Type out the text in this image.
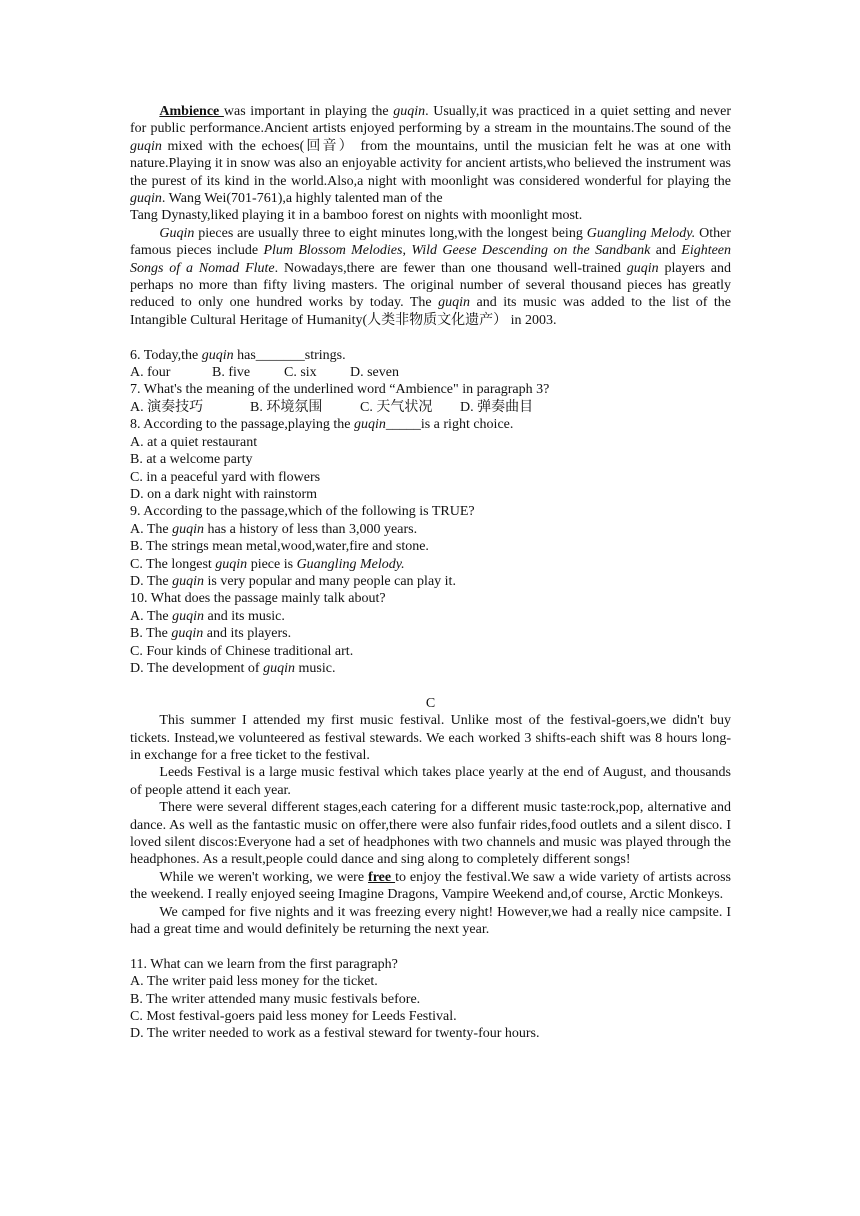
Ambience was important in playing the guqin. Usually,it was practiced in a quiet setting and never for public performance.Ancient artists enjoyed performing by a stream in the mountains.The sound of the guqin mixed with the echoes(回音） from the mountains, until the musician felt he was at one with nature.Playing it in snow was also an enjoyable activity for ancient artists,who believed the instrument was the purest of its kind in the world.Also,a night with moonlight was considered wonderful for playing the guqin. Wang Wei(701-761),a highly talented man of the

Tang Dynasty,liked playing it in a bamboo forest on nights with moonlight most.

Guqin pieces are usually three to eight minutes long,with the longest being Guangling Melody. Other famous pieces include Plum Blossom Melodies, Wild Geese Descending on the Sandbank and Eighteen Songs of a Nomad Flute. Nowadays,there are fewer than one thousand well-trained guqin players and perhaps no more than fifty living masters. The original number of several thousand pieces has greatly reduced to only one hundred works by today. The guqin and its music was added to the list of the Intangible Cultural Heritage of Humanity(人类非物质文化遗产） in 2003.

6. Today,the guqin has_______strings.

A. four	B. five C. six D. seven

7. What's the meaning of the underlined word “Ambience" in paragraph 3?

A. 演奏技巧	B. 环境氛围	C. 天气状况 D. 弹奏曲目

8. According to the passage,playing the guqin_____is a right choice.

A. at a quiet restaurant

B. at a welcome party

C. in a peaceful yard with flowers

D. on a dark night with rainstorm

9. According to the passage,which of the following is TRUE?

A. The guqin has a history of less than 3,000 years.

B. The strings mean metal,wood,water,fire and stone.

C. The longest guqin piece is Guangling Melody.

D. The guqin is very popular and many people can play it.

10. What does the passage mainly talk about?

A. The guqin and its music.

B. The guqin and its players.

C. Four kinds of Chinese traditional art.

D. The development of guqin music.

C

This summer I attended my first music festival. Unlike most of the festival-goers,we didn't buy tickets. Instead,we volunteered as festival stewards. We each worked 3 shifts-each shift was 8 hours long-in exchange for a free ticket to the festival.

Leeds Festival is a large music festival which takes place yearly at the end of August, and thousands of people attend it each year.

There were several different stages,each catering for a different music taste:rock,pop, alternative and dance. As well as the fantastic music on offer,there were also funfair rides,food outlets and a silent disco. I loved silent discos:Everyone had a set of headphones with two channels and music was played through the headphones. As a result,people could dance and sing along to completely different songs!

While we weren't working, we were free to enjoy the festival.We saw a wide variety of artists across the weekend. I really enjoyed seeing Imagine Dragons, Vampire Weekend and,of course, Arctic Monkeys.

We camped for five nights and it was freezing every night! However,we had a really nice campsite. I had a great time and would definitely be returning the next year.

11. What can we learn from the first paragraph?

A. The writer paid less money for the ticket.

B. The writer attended many music festivals before.

C. Most festival-goers paid less money for Leeds Festival.

D. The writer needed to work as a festival steward for twenty-four hours.
